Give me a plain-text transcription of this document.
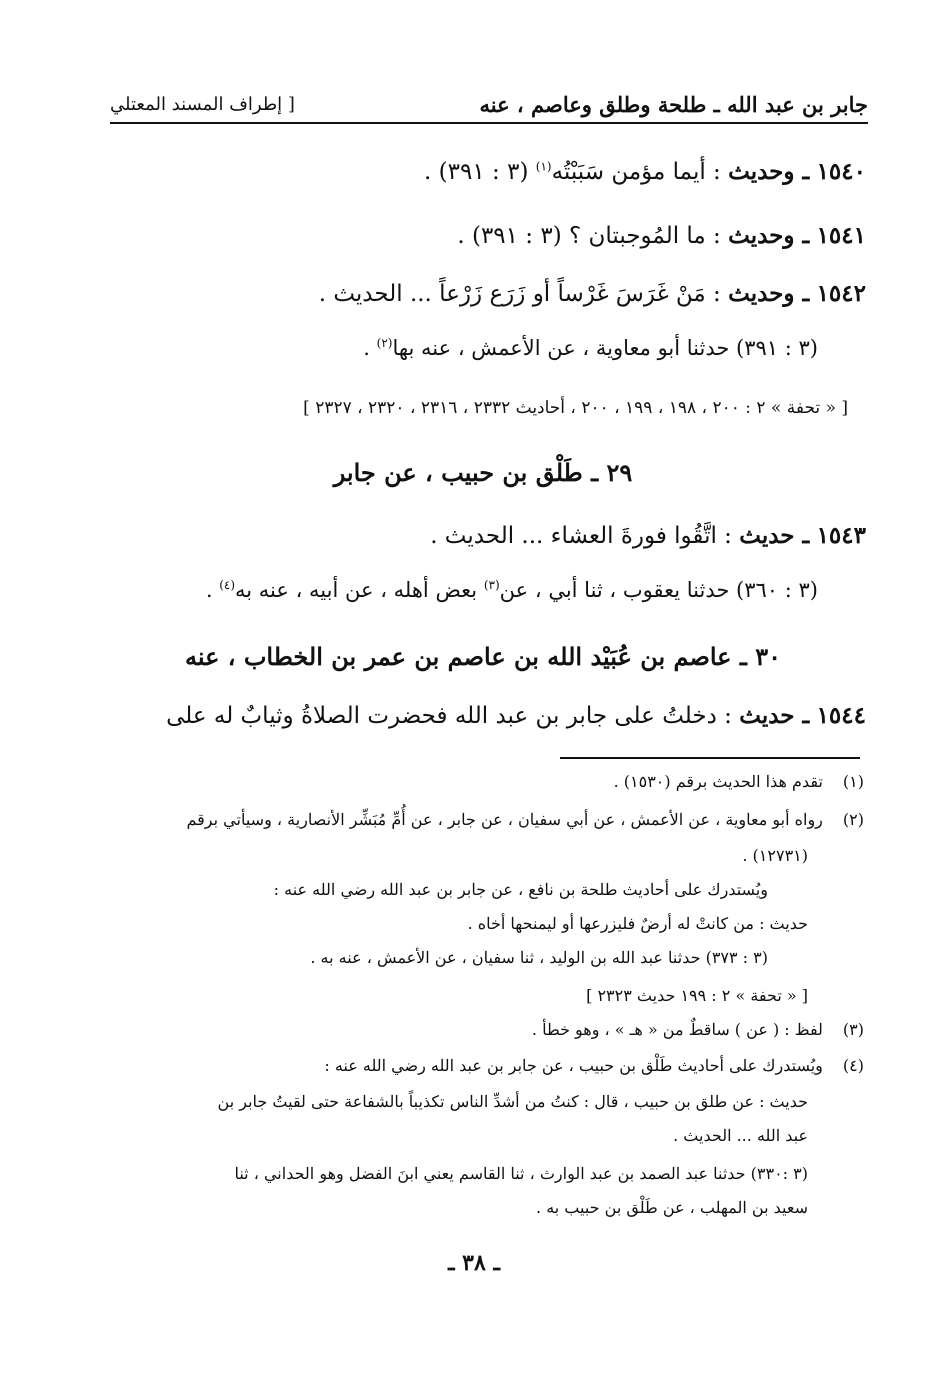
جابر بن عبد الله ـ طلحة وطلق وعاصم ، عنه
[ إطراف المسند المعتلي
١٥٤٠ ـ وحديث : أيما مؤمن سَبَبْتُه$^{(١)}$ (٣ : ٣٩١) .
١٥٤١ ـ وحديث : ما المُوجبتان ؟ (٣ : ٣٩١) .
١٥٤٢ ـ وحديث : مَنْ غَرَسَ غَرْساً أو زَرَع زَرْعاً ... الحديث .
(٣ : ٣٩١) حدثنا أبو معاوية ، عن الأعمش ، عنه بها$^{(٢)}$ .
[ « تحفة » ٢ : ٢٠٠ ، ١٩٨ ، ١٩٩ ، ٢٠٠ ، أحاديث ٢٣٣٢ ، ٢٣١٦ ، ٢٣٢٠ ، ٢٣٢٧ ]
٢٩ ـ طَلْق بن حبيب ، عن جابر
١٥٤٣ ـ حديث : اتَّقُوا فورةَ العشاء ... الحديث .
(٣ : ٣٦٠) حدثنا يعقوب ، ثنا أبي ، عن$^{(٣)}$ بعض أهله ، عن أبيه ، عنه به$^{(٤)}$ .
٣٠ ـ عاصم بن عُبَيْد الله بن عاصم بن عمر بن الخطاب ، عنه
١٥٤٤ ـ حديث : دخلتُ على جابر بن عبد الله فحضرت الصلاةُ وثيابٌ له على
(١) تقدم هذا الحديث برقم (١٥٣٠) .
(٢) رواه أبو معاوية ، عن الأعمش ، عن أبي سفيان ، عن جابر ، عن أُمِّ مُبَشِّر الأنصارية ، وسيأتي برقم
(١٢٧٣١) .
ويُستدرك على أحاديث طلحة بن نافع ، عن جابر بن عبد الله رضي الله عنه :
حديث : من كانتْ له أرضٌ فليزرعها أو ليمنحها أخاه .
(٣ : ٣٧٣) حدثنا عبد الله بن الوليد ، ثنا سفيان ، عن الأعمش ، عنه به .
[ « تحفة » ٢ : ١٩٩ حديث ٢٣٢٣ ]
(٣) لفظ : ( عن ) ساقطٌ من « هـ » ، وهو خطأ .
(٤) ويُستدرك على أحاديث طَلْق بن حبيب ، عن جابر بن عبد الله رضي الله عنه :
حديث : عن طلق بن حبيب ، قال : كنتُ من أشدِّ الناس تكذيباً بالشفاعة حتى لقيتُ جابر بن
عبد الله ... الحديث .
(٣ :٣٣٠) حدثنا عبد الصمد بن عبد الوارث ، ثنا القاسم يعني ابنَ الفضل وهو الحداني ، ثنا
سعيد بن المهلب ، عن طَلْق بن حبيب به .
ـ ٣٨ ـ
